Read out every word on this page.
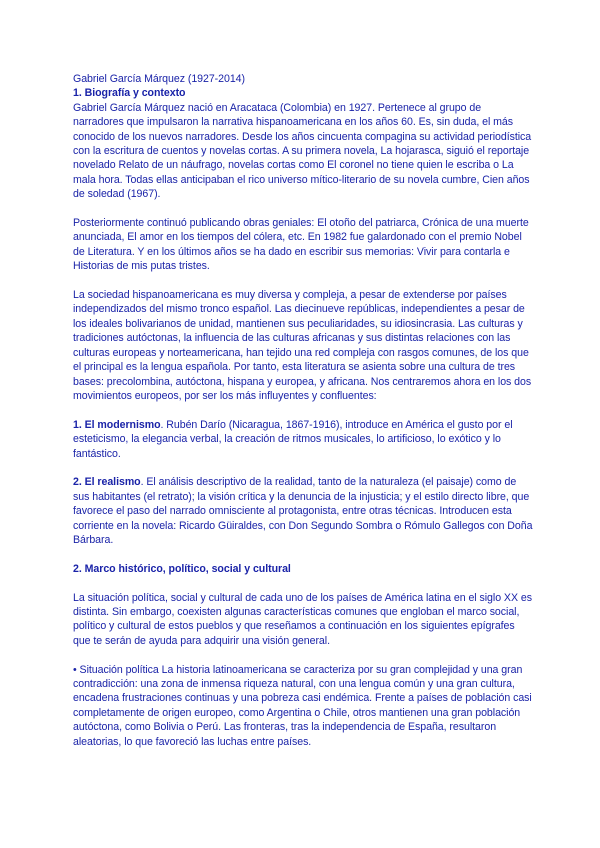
Gabriel García Márquez (1927-2014)

1. Biografía y contexto

Gabriel García Márquez nació en Aracataca (Colombia) en 1927. Pertenece al grupo de narradores que impulsaron la narrativa hispanoamericana en los años 60. Es, sin duda, el más conocido de los nuevos narradores. Desde los años cincuenta compagina su actividad periodística con la escritura de cuentos y novelas cortas. A su primera novela, La hojarasca, siguió el reportaje novelado Relato de un náufrago, novelas cortas como El coronel no tiene quien le escriba o La mala hora. Todas ellas anticipaban el rico universo mítico-literario de su novela cumbre, Cien años de soledad (1967).

Posteriormente continuó publicando obras geniales: El otoño del patriarca, Crónica de una muerte anunciada, El amor en los tiempos del cólera, etc. En 1982 fue galardonado con el premio Nobel de Literatura. Y en los últimos años se ha dado en escribir sus memorias: Vivir para contarla e Historias de mis putas tristes.

La sociedad hispanoamericana es muy diversa y compleja, a pesar de extenderse por países independizados del mismo tronco español. Las diecinueve repúblicas, independientes a pesar de los ideales bolivarianos de unidad, mantienen sus peculiaridades, su idiosincrasia. Las culturas y tradiciones autóctonas, la influencia de las culturas africanas y sus distintas relaciones con las culturas europeas y norteamericana, han tejido una red compleja con rasgos comunes, de los que el principal es la lengua española. Por tanto, esta literatura se asienta sobre una cultura de tres bases: precolombina, autóctona, hispana y europea, y africana. Nos centraremos ahora en los dos movimientos europeos, por ser los más influyentes y confluentes:

1. El modernismo. Rubén Darío (Nicaragua, 1867-1916), introduce en América el gusto por el esteticismo, la elegancia verbal, la creación de ritmos musicales, lo artificioso, lo exótico y lo fantástico.

2. El realismo. El análisis descriptivo de la realidad, tanto de la naturaleza (el paisaje) como de sus habitantes (el retrato); la visión crítica y la denuncia de la injusticia; y el estilo directo libre, que favorece el paso del narrado omnisciente al protagonista, entre otras técnicas. Introducen esta corriente en la novela: Ricardo Güiraldes, con Don Segundo Sombra o Rómulo Gallegos con Doña Bárbara.

2. Marco histórico, político, social y cultural

La situación política, social y cultural de cada uno de los países de América latina en el siglo XX es distinta. Sin embargo, coexisten algunas características comunes que engloban el marco social, político y cultural de estos pueblos y que reseñamos a continuación en los siguientes epígrafes que te serán de ayuda para adquirir una visión general.

• Situación política La historia latinoamericana se caracteriza por su gran complejidad y una gran contradicción: una zona de inmensa riqueza natural, con una lengua común y una gran cultura, encadena frustraciones continuas y una pobreza casi endémica. Frente a países de población casi completamente de origen europeo, como Argentina o Chile, otros mantienen una gran población autóctona, como Bolivia o Perú. Las fronteras, tras la independencia de España, resultaron aleatorias, lo que favoreció las luchas entre países.
